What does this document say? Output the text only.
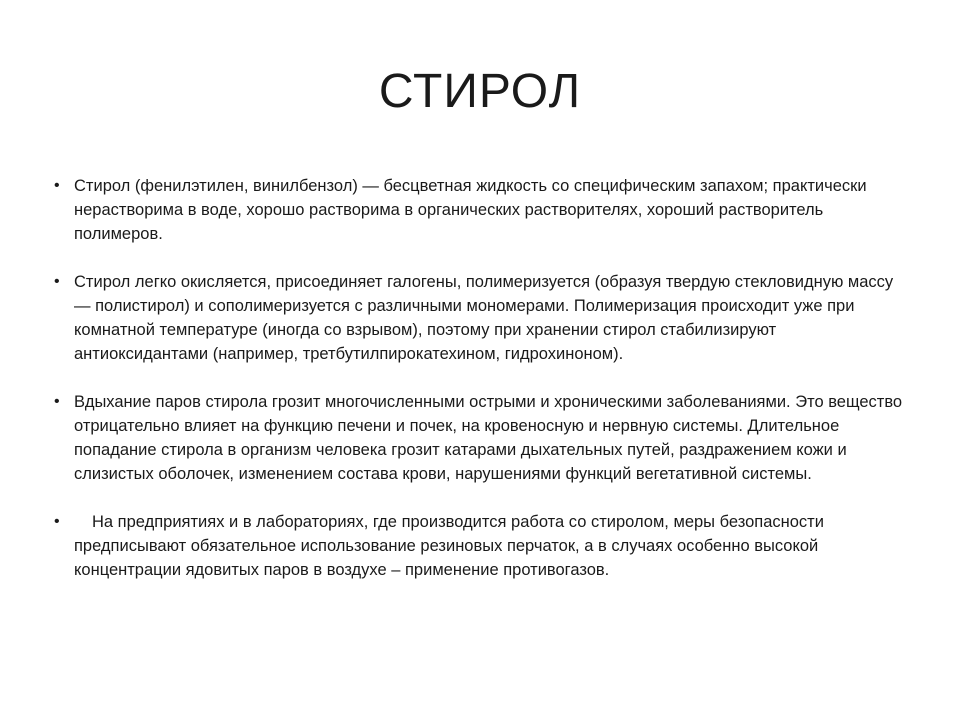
СТИРОЛ
• Стирол (фенилэтилен, винилбензол) — бесцветная жидкость со специфическим запахом; практически нерастворима в воде, хорошо растворима в органических растворителях, хороший растворитель полимеров.
• Стирол легко окисляется, присоединяет галогены, полимеризуется (образуя твердую стекловидную массу — полистирол) и сополимеризуется с различными мономерами. Полимеризация происходит уже при комнатной температуре (иногда со взрывом), поэтому при хранении стирол стабилизируют антиоксидантами (например, третбутилпирокатехином, гидрохиноном).
• Вдыхание паров стирола грозит многочисленными острыми и хроническими заболеваниями. Это вещество отрицательно влияет на функцию печени и почек, на кровеносную и нервную системы. Длительное попадание стирола в организм человека грозит катарами дыхательных путей, раздражением кожи и слизистых оболочек, изменением состава крови, нарушениями функций вегетативной системы.
•	На предприятиях и в лабораториях, где производится работа со стиролом, меры безопасности предписывают обязательное использование резиновых перчаток, а в случаях особенно высокой концентрации ядовитых паров в воздухе – применение противогазов.
